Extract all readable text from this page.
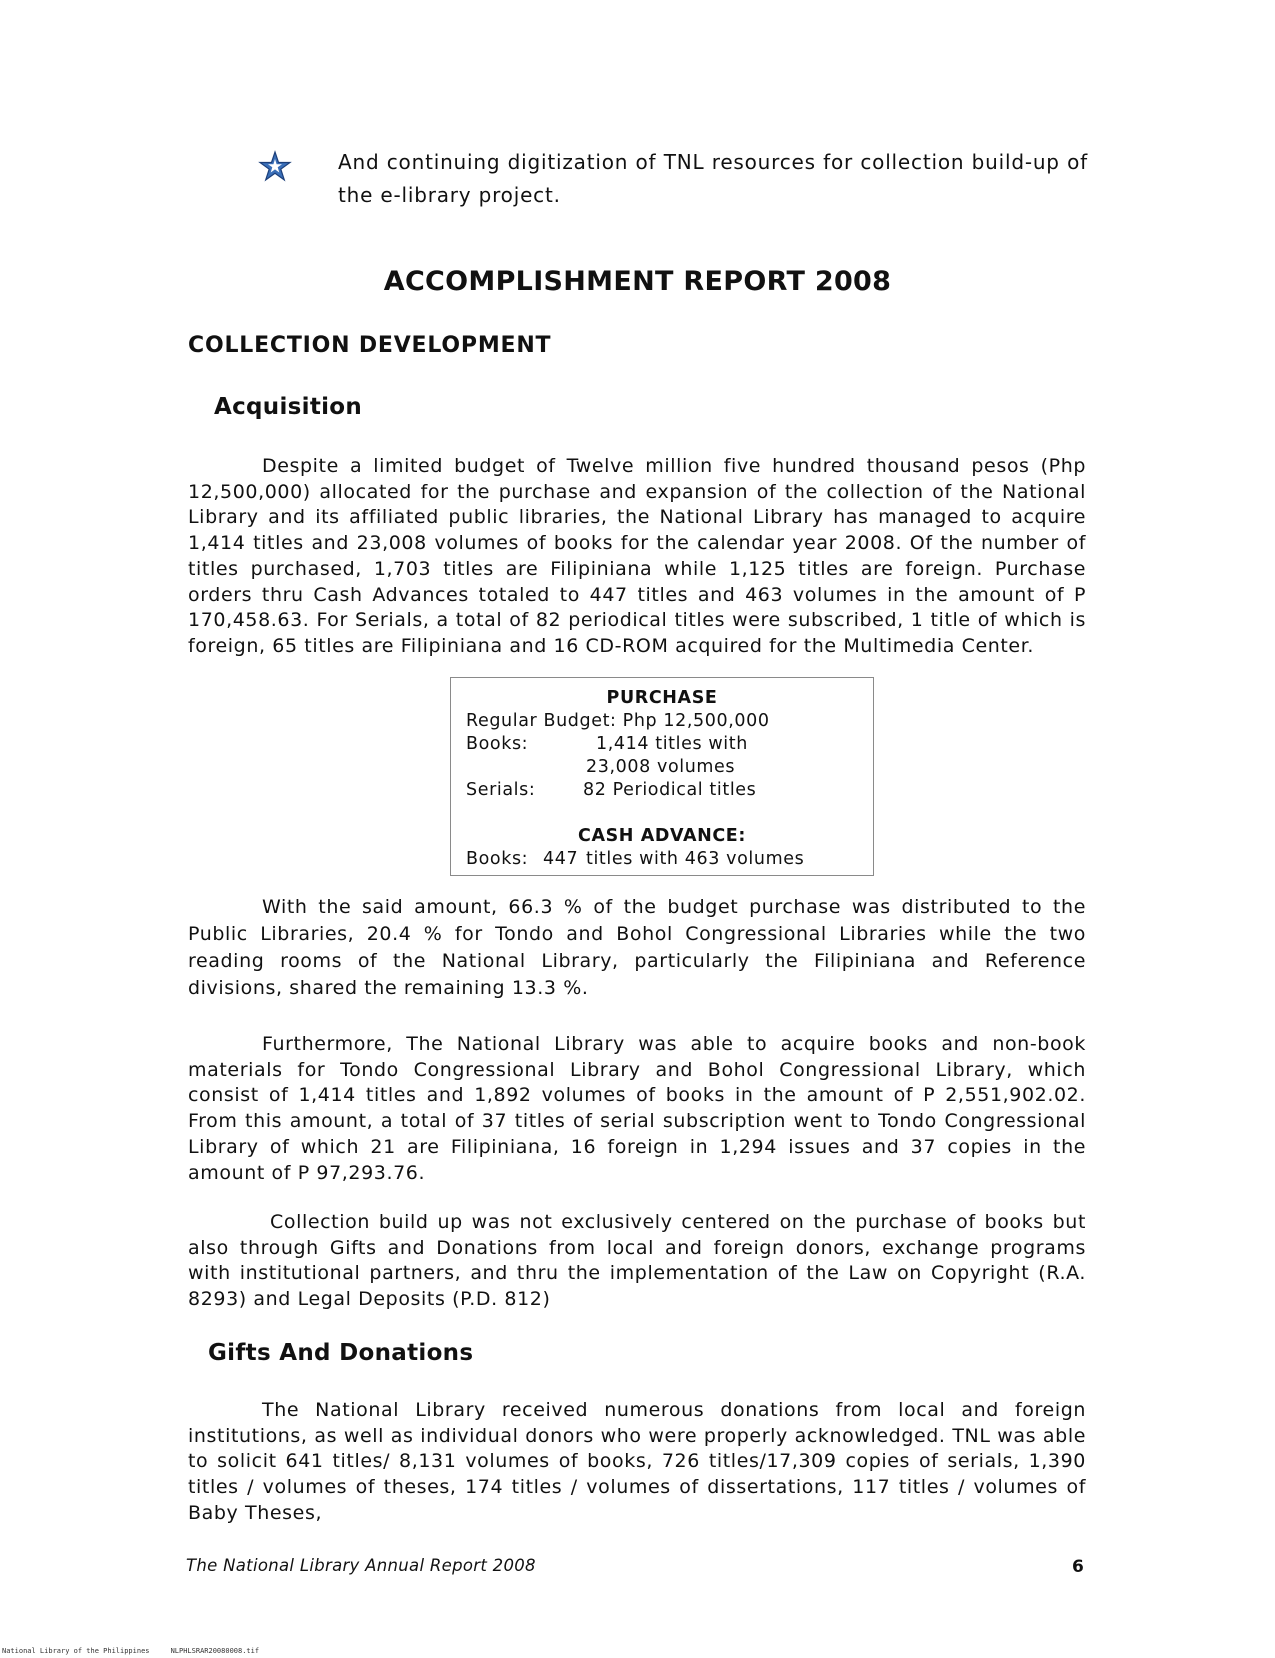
And continuing digitization of TNL resources for collection build-up of the e-library project.
ACCOMPLISHMENT REPORT 2008
COLLECTION DEVELOPMENT
Acquisition

Despite a limited budget of Twelve million five hundred thousand pesos (Php 12,500,000) allocated for the purchase and expansion of the collection of the National Library and its affiliated public libraries, the National Library has managed to acquire 1,414 titles and 23,008 volumes of books for the calendar year 2008. Of the number of titles purchased, 1,703 titles are Filipiniana while 1,125 titles are foreign. Purchase orders thru Cash Advances totaled to 447 titles and 463 volumes in the amount of P 170,458.63. For Serials, a total of 82 periodical titles were subscribed, 1 title of which is foreign, 65 titles are Filipiniana and 16 CD-ROM acquired for the Multimedia Center.

PURCHASE
Regular Budget: Php 12,500,000
Books:	1,414 titles with
23,008 volumes
Serials:	82 Periodical titles
CASH ADVANCE:
Books: 447 titles with 463 volumes

With the said amount, 66.3 % of the budget purchase was distributed to the Public Libraries, 20.4 % for Tondo and Bohol Congressional Libraries while the two reading rooms of the National Library, particularly the Filipiniana and Reference divisions, shared the remaining 13.3 %.

Furthermore, The National Library was able to acquire books and non-book materials for Tondo Congressional Library and Bohol Congressional Library, which consist of 1,414 titles and 1,892 volumes of books in the amount of P 2,551,902.02. From this amount, a total of 37 titles of serial subscription went to Tondo Congressional Library of which 21 are Filipiniana, 16 foreign in 1,294 issues and 37 copies in the amount of P 97,293.76.

Collection build up was not exclusively centered on the purchase of books but also through Gifts and Donations from local and foreign donors, exchange programs with institutional partners, and thru the implementation of the Law on Copyright (R.A. 8293) and Legal Deposits (P.D. 812)

Gifts And Donations

The National Library received numerous donations from local and foreign institutions, as well as individual donors who were properly acknowledged. TNL was able to solicit 641 titles/ 8,131 volumes of books, 726 titles/17,309 copies of serials, 1,390 titles / volumes of theses, 174 titles / volumes of dissertations, 117 titles / volumes of Baby Theses,

The National Library Annual Report 2008	6
National Library of the Philippines     NLPHLSRAR20080008.tif
